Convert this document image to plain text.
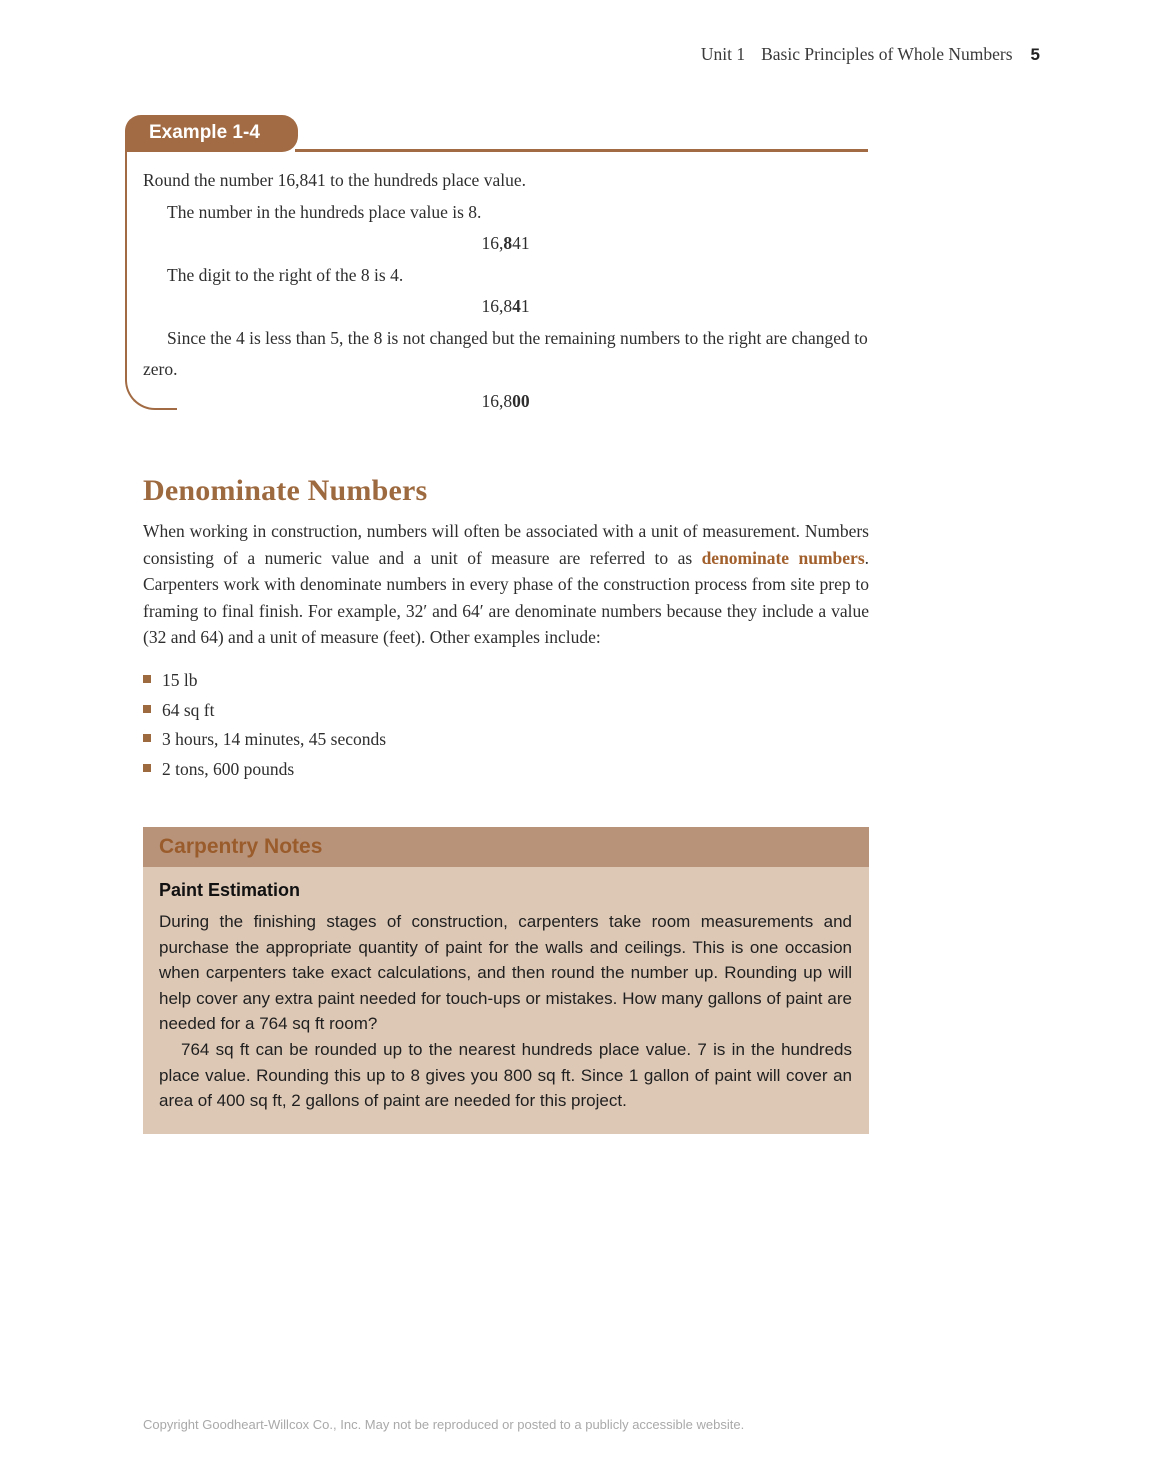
Unit 1 Basic Principles of Whole Numbers 5
Example 1-4

Round the number 16,841 to the hundreds place value.

The number in the hundreds place value is 8.

16,841

The digit to the right of the 8 is 4.

16,841

Since the 4 is less than 5, the 8 is not changed but the remaining numbers to the right are changed to zero.

16,800

Denominate Numbers

When working in construction, numbers will often be associated with a unit of measurement. Numbers consisting of a numeric value and a unit of measure are referred to as denominate numbers. Carpenters work with denominate numbers in every phase of the construction process from site prep to framing to final finish. For example, 32′ and 64′ are denominate numbers because they include a value (32 and 64) and a unit of measure (feet). Other examples include:

15 lb
64 sq ft
3 hours, 14 minutes, 45 seconds
2 tons, 600 pounds
Carpentry Notes
Paint Estimation

During the finishing stages of construction, carpenters take room measurements and purchase the appropriate quantity of paint for the walls and ceilings. This is one occasion when carpenters take exact calculations, and then round the number up. Rounding up will help cover any extra paint needed for touch-ups or mistakes. How many gallons of paint are needed for a 764 sq ft room?

764 sq ft can be rounded up to the nearest hundreds place value. 7 is in the hundreds place value. Rounding this up to 8 gives you 800 sq ft. Since 1 gallon of paint will cover an area of 400 sq ft, 2 gallons of paint are needed for this project.

Copyright Goodheart-Willcox Co., Inc. May not be reproduced or posted to a publicly accessible website.
